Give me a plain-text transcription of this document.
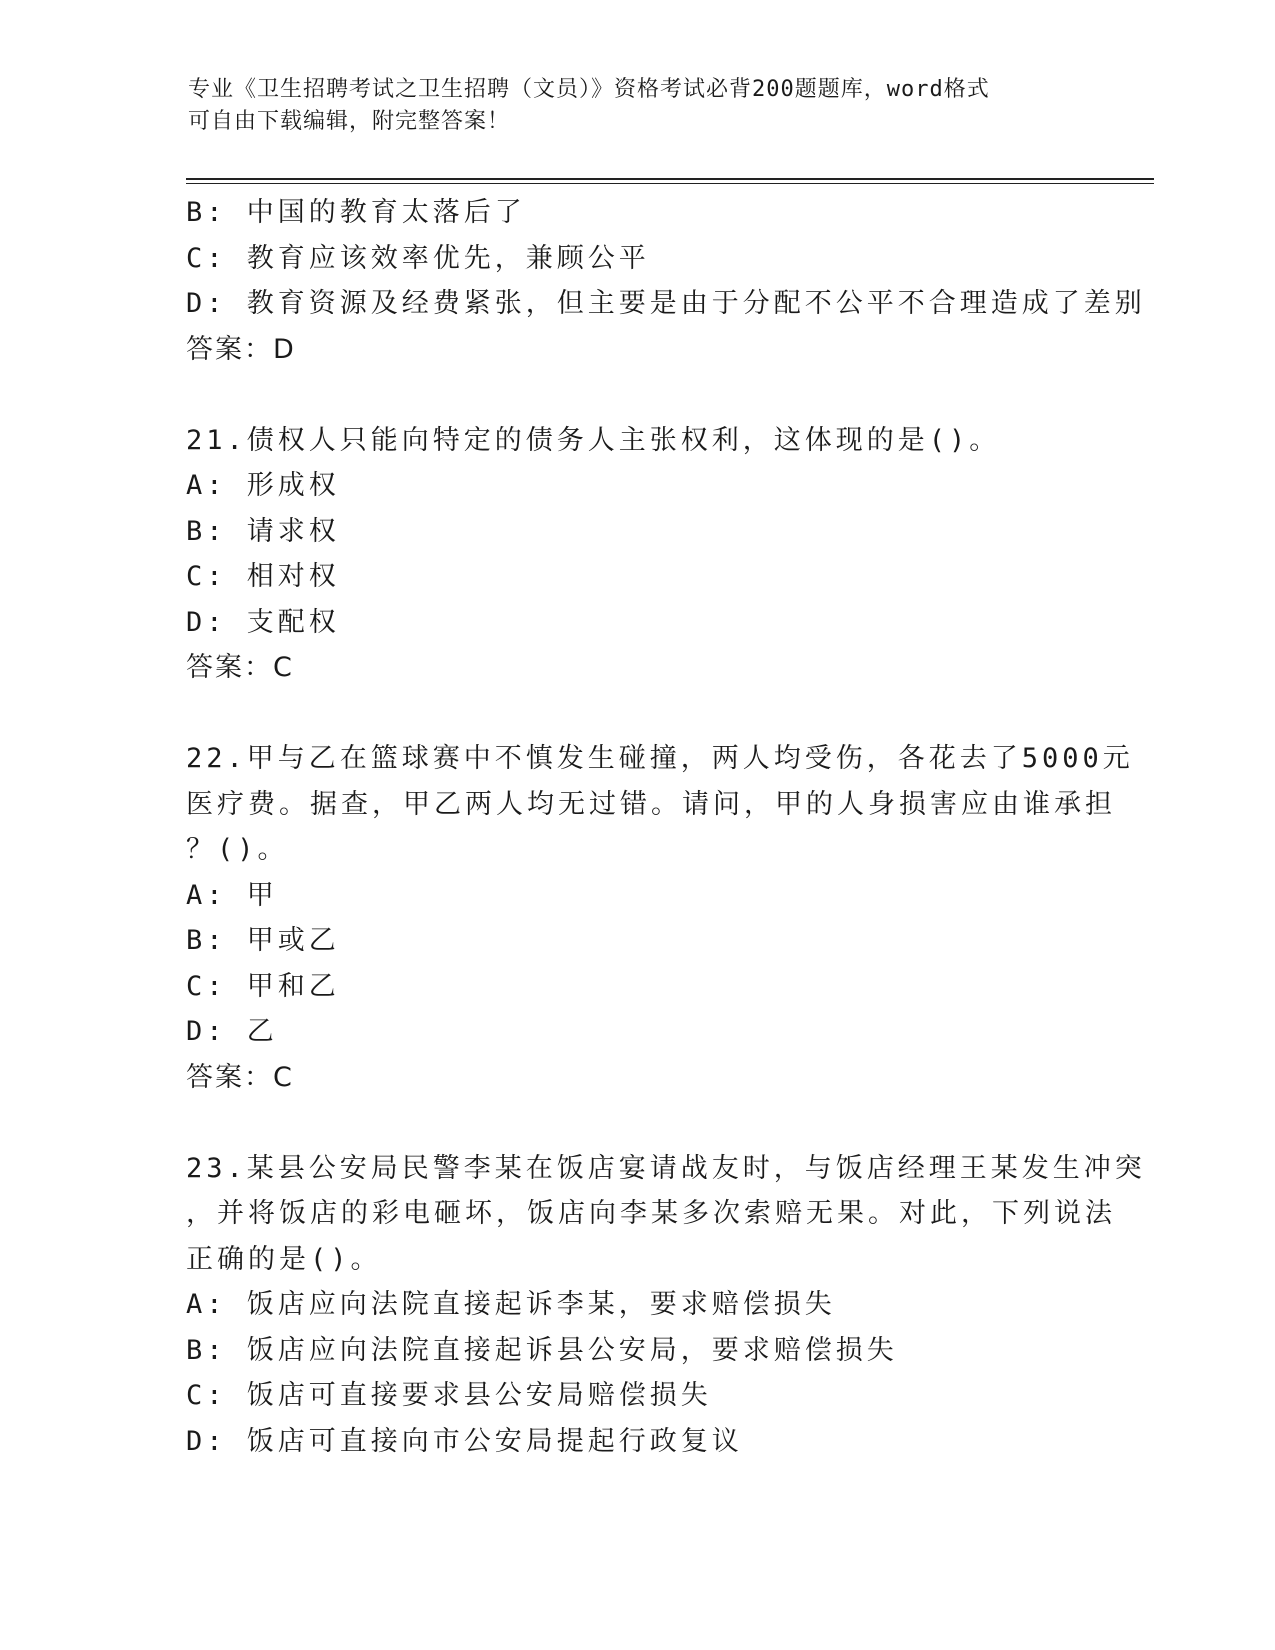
专业《卫生招聘考试之卫生招聘（文员）》资格考试必背200题题库，word格式
可自由下载编辑，附完整答案！
B: 中国的教育太落后了
C: 教育应该效率优先，兼顾公平
D: 教育资源及经费紧张，但主要是由于分配不公平不合理造成了差别
答案：D
21.债权人只能向特定的债务人主张权利，这体现的是()。
A: 形成权
B: 请求权
C: 相对权
D: 支配权
答案：C
22.甲与乙在篮球赛中不慎发生碰撞，两人均受伤，各花去了5000元
医疗费。据查，甲乙两人均无过错。请问，甲的人身损害应由谁承担
？()。
A: 甲
B: 甲或乙
C: 甲和乙
D: 乙
答案：C
23.某县公安局民警李某在饭店宴请战友时，与饭店经理王某发生冲突
，并将饭店的彩电砸坏，饭店向李某多次索赔无果。对此，下列说法
正确的是()。
A: 饭店应向法院直接起诉李某，要求赔偿损失
B: 饭店应向法院直接起诉县公安局，要求赔偿损失
C: 饭店可直接要求县公安局赔偿损失
D: 饭店可直接向市公安局提起行政复议
